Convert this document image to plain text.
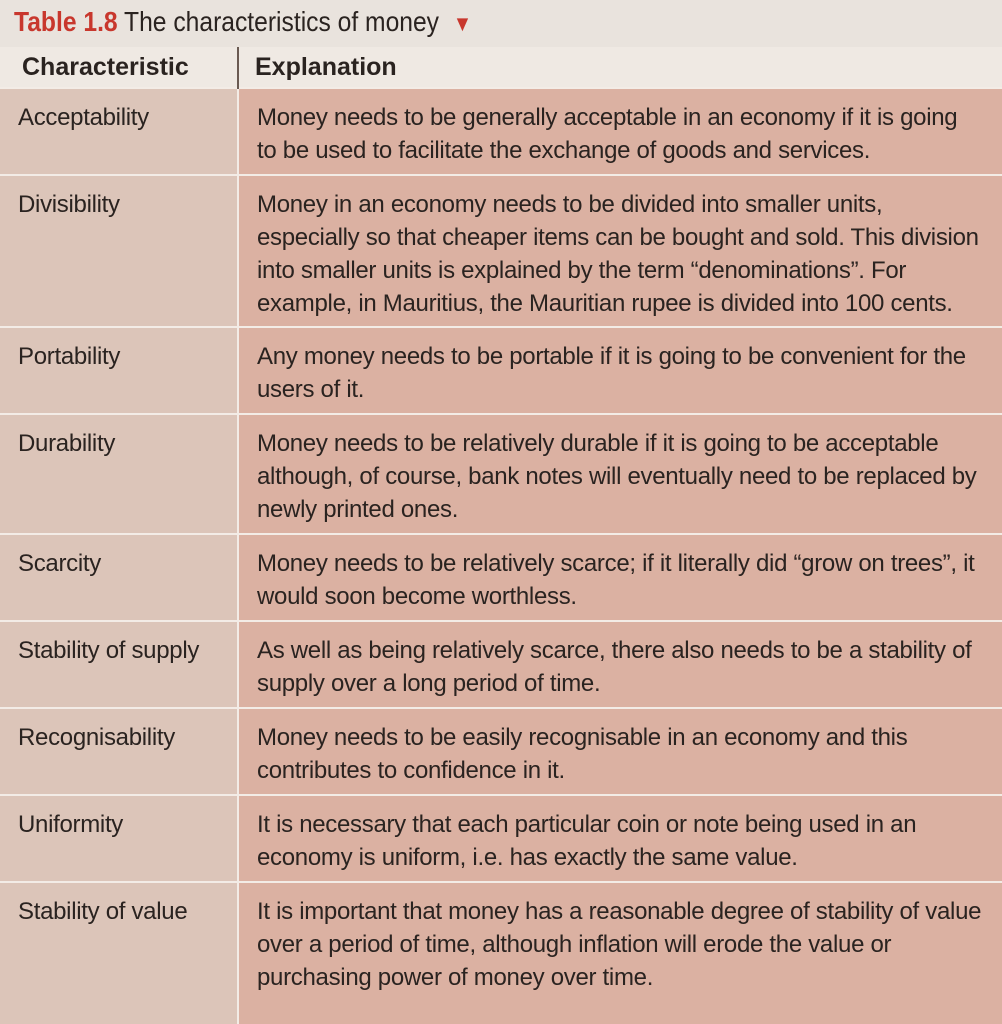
Table 1.8 The characteristics of money ▼
Characteristic	Explanation
Acceptability	Money needs to be generally acceptable in an economy if it is going to be used to facilitate the exchange of goods and services.
Divisibility	Money in an economy needs to be divided into smaller units, especially so that cheaper items can be bought and sold. This division into smaller units is explained by the term “denominations”. For example, in Mauritius, the Mauritian rupee is divided into 100 cents.
Portability	Any money needs to be portable if it is going to be convenient for the users of it.
Durability	Money needs to be relatively durable if it is going to be acceptable although, of course, bank notes will eventually need to be replaced by newly printed ones.
Scarcity	Money needs to be relatively scarce; if it literally did “grow on trees”, it would soon become worthless.
Stability of supply	As well as being relatively scarce, there also needs to be a stability of supply over a long period of time.
Recognisability	Money needs to be easily recognisable in an economy and this contributes to confidence in it.
Uniformity	It is necessary that each particular coin or note being used in an economy is uniform, i.e. has exactly the same value.
Stability of value	It is important that money has a reasonable degree of stability of value over a period of time, although inflation will erode the value or purchasing power of money over time.
